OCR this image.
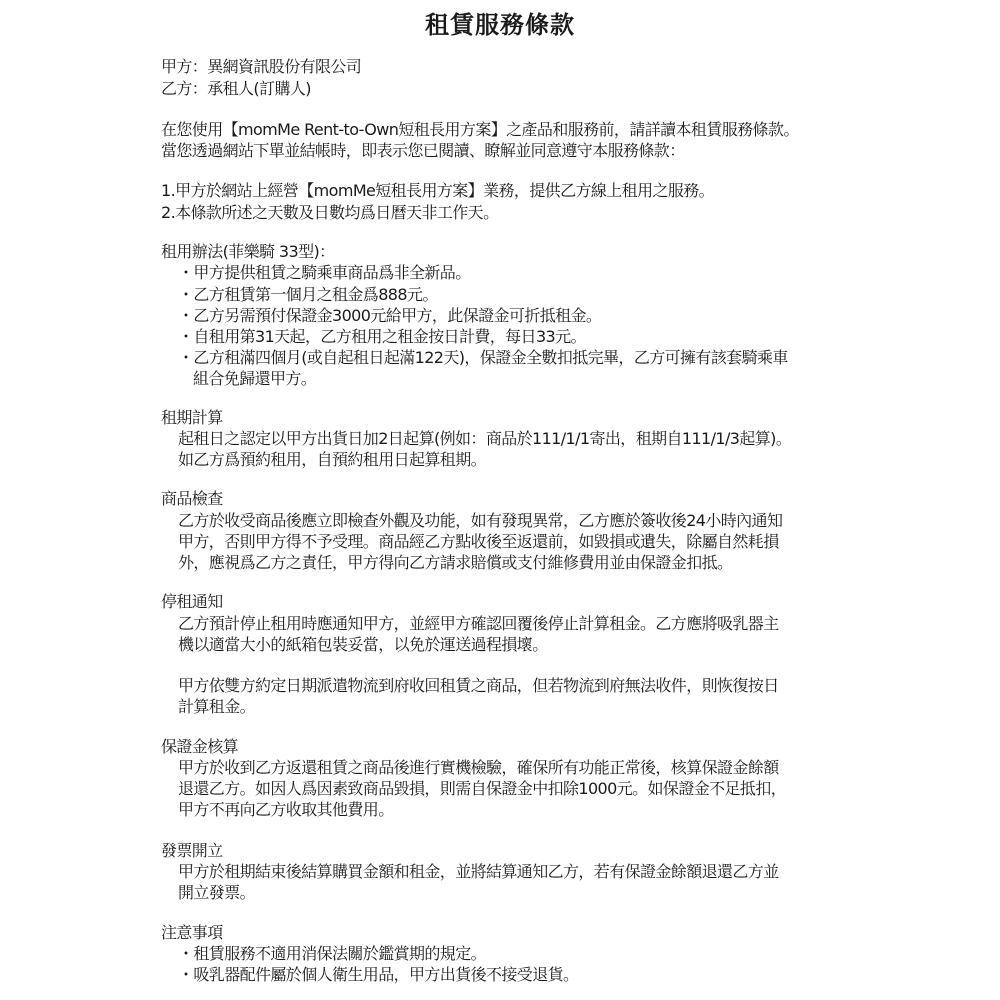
租賃服務條款

甲方：異網資訊股份有限公司

乙方：承租人(訂購人)

在您使用【momMe Rent-to-Own短租長用方案】之產品和服務前，請詳讀本租賃服務條款。

當您透過網站下單並結帳時，即表示您已閱讀、瞭解並同意遵守本服務條款：

1.甲方於網站上經營【momMe短租長用方案】業務，提供乙方線上租用之服務。

2.本條款所述之天數及日數均爲日曆天非工作天。

租用辦法(菲樂騎 33型)：

・甲方提供租賃之騎乘車商品爲非全新品。

・乙方租賃第一個月之租金爲888元。

・乙方另需預付保證金3000元給甲方，此保證金可折抵租金。

・自租用第31天起，乙方租用之租金按日計費，每日33元。

・乙方租滿四個月(或自起租日起滿122天)，保證金全數扣抵完畢，乙方可擁有該套騎乘車

組合免歸還甲方。

租期計算

起租日之認定以甲方出貨日加2日起算(例如：商品於111/1/1寄出，租期自111/1/3起算)。

如乙方爲預約租用，自預約租用日起算租期。

商品檢查

乙方於收受商品後應立即檢查外觀及功能，如有發現異常，乙方應於簽收後24小時內通知

甲方，否則甲方得不予受理。商品經乙方點收後至返還前，如毀損或遺失，除屬自然耗損

外，應視爲乙方之責任，甲方得向乙方請求賠償或支付維修費用並由保證金扣抵。

停租通知

乙方預計停止租用時應通知甲方，並經甲方確認回覆後停止計算租金。乙方應將吸乳器主

機以適當大小的紙箱包裝妥當，以免於運送過程損壞。

甲方依雙方約定日期派遣物流到府收回租賃之商品，但若物流到府無法收件，則恢復按日

計算租金。

保證金核算

甲方於收到乙方返還租賃之商品後進行實機檢驗，確保所有功能正常後，核算保證金餘額

退還乙方。如因人爲因素致商品毀損，則需自保證金中扣除1000元。如保證金不足抵扣，

甲方不再向乙方收取其他費用。

發票開立

甲方於租期結束後結算購買金額和租金，並將結算通知乙方，若有保證金餘額退還乙方並

開立發票。

注意事項

・租賃服務不適用消保法關於鑑賞期的規定。

・吸乳器配件屬於個人衛生用品，甲方出貨後不接受退貨。
